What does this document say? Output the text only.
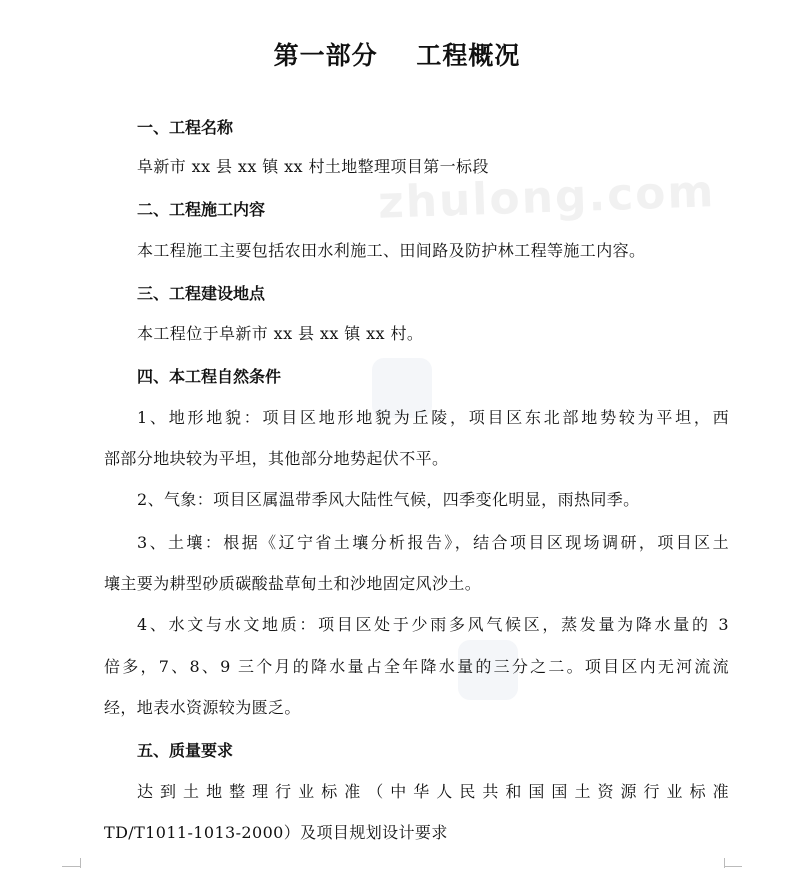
第一部分    工程概况
zhulong.com
一、工程名称
阜新市 xx 县 xx 镇 xx 村土地整理项目第一标段
二、工程施工内容
本工程施工主要包括农田水利施工、田间路及防护林工程等施工内容。
三、工程建设地点
本工程位于阜新市 xx 县 xx 镇 xx 村。
四、本工程自然条件
1、地形地貌：项目区地形地貌为丘陵，项目区东北部地势较为平坦，西
部部分地块较为平坦，其他部分地势起伏不平。
2、气象：项目区属温带季风大陆性气候，四季变化明显，雨热同季。
3、土壤：根据《辽宁省土壤分析报告》，结合项目区现场调研，项目区土
壤主要为耕型砂质碳酸盐草甸土和沙地固定风沙土。
4、水文与水文地质：项目区处于少雨多风气候区，蒸发量为降水量的 3
倍多，7、8、9 三个月的降水量占全年降水量的三分之二。项目区内无河流流
经，地表水资源较为匮乏。
五、质量要求
达到土地整理行业标准（中华人民共和国国土资源行业标准
TD/T1011-1013-2000）及项目规划设计要求
